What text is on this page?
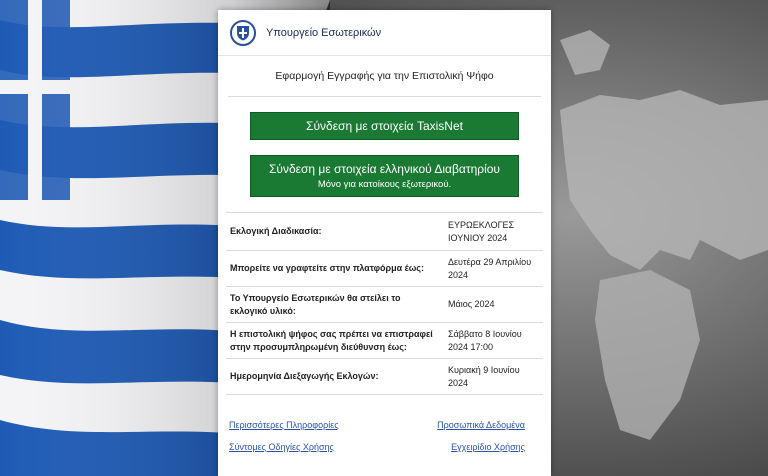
Υπουργείο Εσωτερικών
Εφαρμογή Εγγραφής για την Επιστολική Ψήφο
Σύνδεση με στοιχεία TaxisNet
Σύνδεση με στοιχεία ελληνικού Διαβατηρίου
Μόνο για κατοίκους εξωτερικού.
Εκλογική Διαδικασία:
ΕΥΡΩΕΚΛΟΓΕΣ
ΙΟΥΝΙΟΥ 2024
Μπορείτε να γραφτείτε στην πλατφόρμα έως:
Δευτέρα 29 Απριλίου
2024
Το Υπουργείο Εσωτερικών θα στείλει το
εκλογικό υλικό:
Μάιος 2024
Η επιστολική ψήφος σας πρέπει να επιστραφεί
στην προσυμπληρωμένη διεύθυνση έως:
Σάββατο 8 Ιουνίου
2024 17:00
Ημερομηνία Διεξαγωγής Εκλογών:
Κυριακή 9 Ιουνίου
2024
Περισσότερες Πληροφορίες	Προσωπικά Δεδομένα
Σύντομες Οδηγίες Χρήσης	Εγχειρίδιο Χρήσης
